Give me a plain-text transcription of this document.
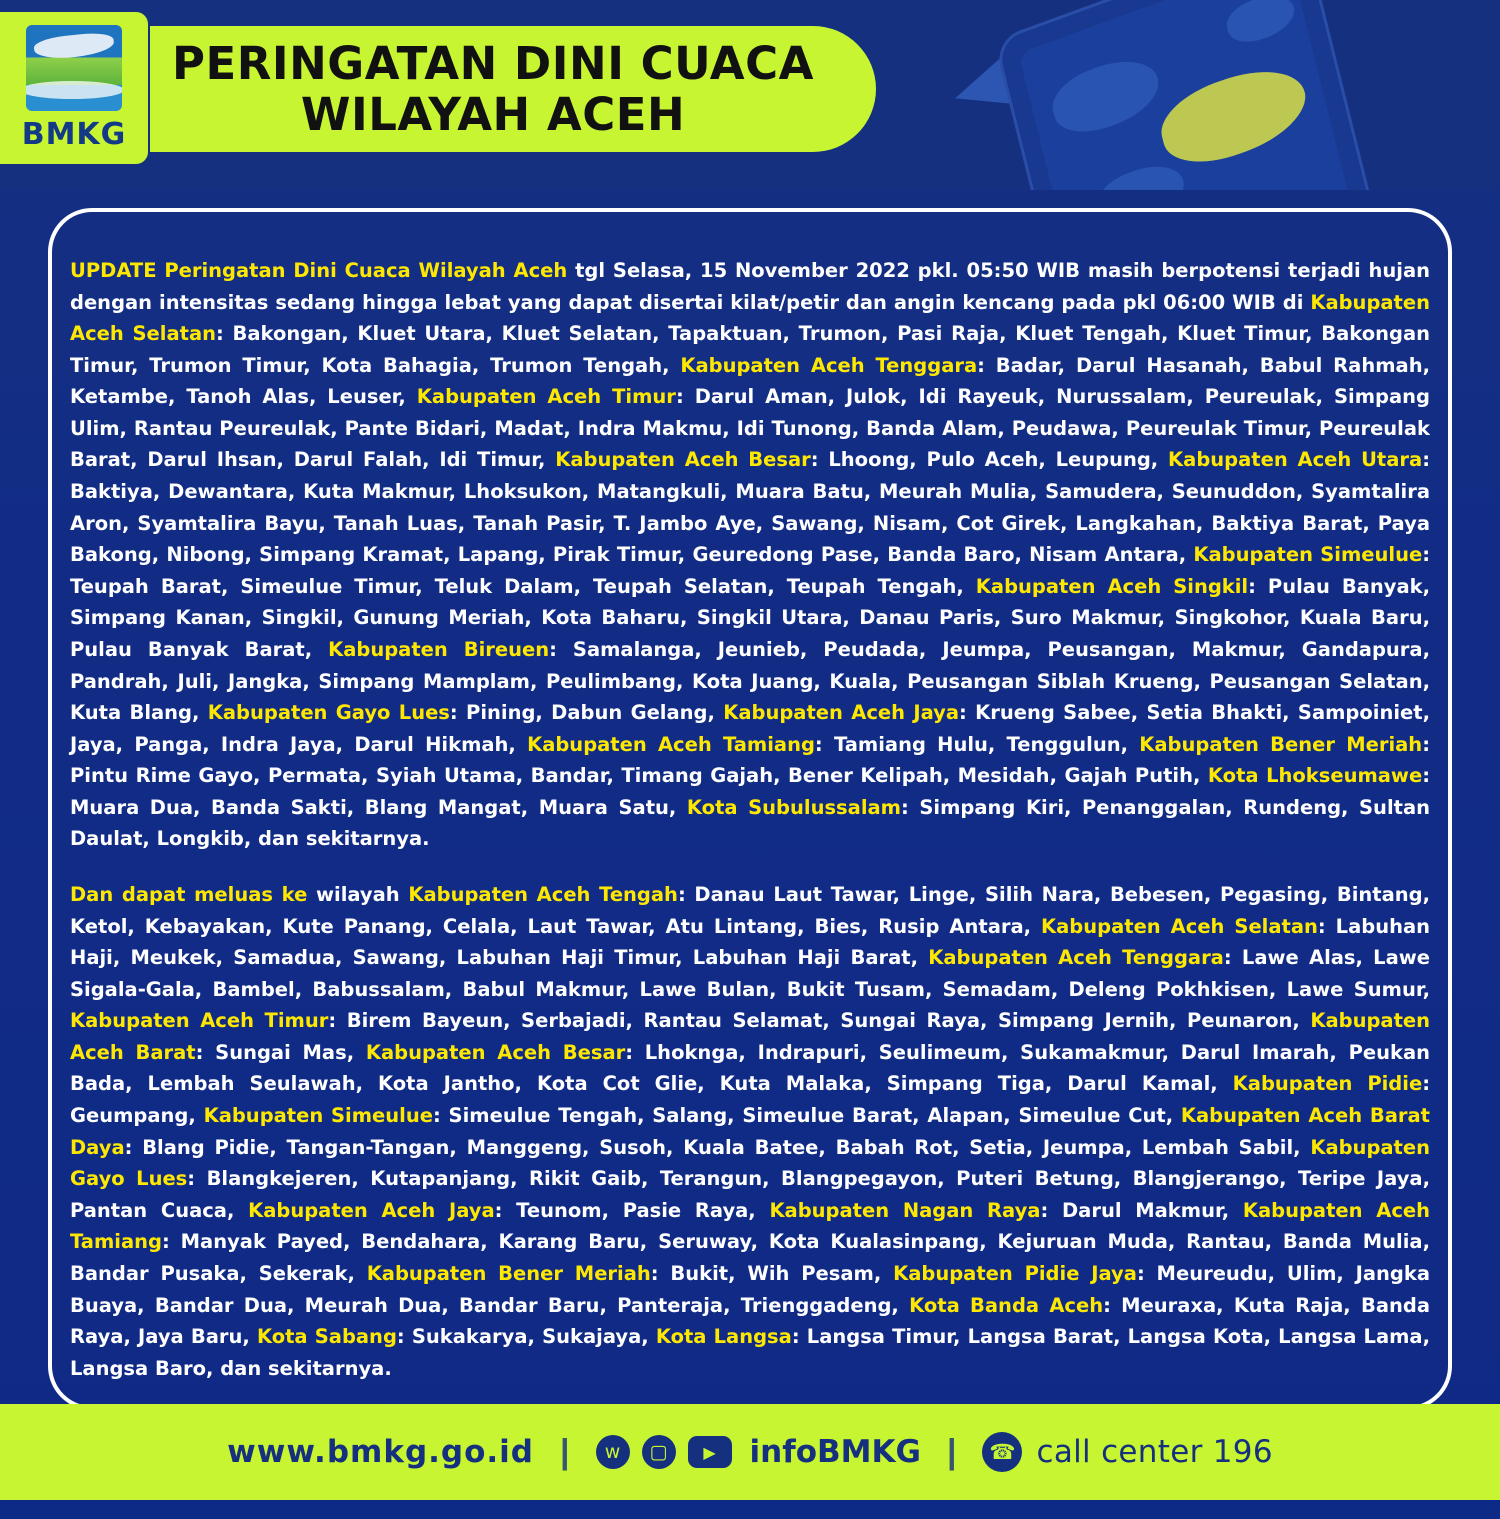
BMKG
PERINGATAN DINI CUACA
WILAYAH ACEH

UPDATE Peringatan Dini Cuaca Wilayah Aceh tgl Selasa, 15 November 2022 pkl. 05:50 WIB masih berpotensi terjadi hujan dengan intensitas sedang hingga lebat yang dapat disertai kilat/petir dan angin kencang pada pkl 06:00 WIB di Kabupaten Aceh Selatan: Bakongan, Kluet Utara, Kluet Selatan, Tapaktuan, Trumon, Pasi Raja, Kluet Tengah, Kluet Timur, Bakongan Timur, Trumon Timur, Kota Bahagia, Trumon Tengah, Kabupaten Aceh Tenggara: Badar, Darul Hasanah, Babul Rahmah, Ketambe, Tanoh Alas, Leuser, Kabupaten Aceh Timur: Darul Aman, Julok, Idi Rayeuk, Nurussalam, Peureulak, Simpang Ulim, Rantau Peureulak, Pante Bidari, Madat, Indra Makmu, Idi Tunong, Banda Alam, Peudawa, Peureulak Timur, Peureulak Barat, Darul Ihsan, Darul Falah, Idi Timur, Kabupaten Aceh Besar: Lhoong, Pulo Aceh, Leupung, Kabupaten Aceh Utara: Baktiya, Dewantara, Kuta Makmur, Lhoksukon, Matangkuli, Muara Batu, Meurah Mulia, Samudera, Seunuddon, Syamtalira Aron, Syamtalira Bayu, Tanah Luas, Tanah Pasir, T. Jambo Aye, Sawang, Nisam, Cot Girek, Langkahan, Baktiya Barat, Paya Bakong, Nibong, Simpang Kramat, Lapang, Pirak Timur, Geuredong Pase, Banda Baro, Nisam Antara, Kabupaten Simeulue: Teupah Barat, Simeulue Timur, Teluk Dalam, Teupah Selatan, Teupah Tengah, Kabupaten Aceh Singkil: Pulau Banyak, Simpang Kanan, Singkil, Gunung Meriah, Kota Baharu, Singkil Utara, Danau Paris, Suro Makmur, Singkohor, Kuala Baru, Pulau Banyak Barat, Kabupaten Bireuen: Samalanga, Jeunieb, Peudada, Jeumpa, Peusangan, Makmur, Gandapura, Pandrah, Juli, Jangka, Simpang Mamplam, Peulimbang, Kota Juang, Kuala, Peusangan Siblah Krueng, Peusangan Selatan, Kuta Blang, Kabupaten Gayo Lues: Pining, Dabun Gelang, Kabupaten Aceh Jaya: Krueng Sabee, Setia Bhakti, Sampoiniet, Jaya, Panga, Indra Jaya, Darul Hikmah, Kabupaten Aceh Tamiang: Tamiang Hulu, Tenggulun, Kabupaten Bener Meriah: Pintu Rime Gayo, Permata, Syiah Utama, Bandar, Timang Gajah, Bener Kelipah, Mesidah, Gajah Putih, Kota Lhokseumawe: Muara Dua, Banda Sakti, Blang Mangat, Muara Satu, Kota Subulussalam: Simpang Kiri, Penanggalan, Rundeng, Sultan Daulat, Longkib, dan sekitarnya.

Dan dapat meluas ke wilayah Kabupaten Aceh Tengah: Danau Laut Tawar, Linge, Silih Nara, Bebesen, Pegasing, Bintang, Ketol, Kebayakan, Kute Panang, Celala, Laut Tawar, Atu Lintang, Bies, Rusip Antara, Kabupaten Aceh Selatan: Labuhan Haji, Meukek, Samadua, Sawang, Labuhan Haji Timur, Labuhan Haji Barat, Kabupaten Aceh Tenggara: Lawe Alas, Lawe Sigala-Gala, Bambel, Babussalam, Babul Makmur, Lawe Bulan, Bukit Tusam, Semadam, Deleng Pokhkisen, Lawe Sumur, Kabupaten Aceh Timur: Birem Bayeun, Serbajadi, Rantau Selamat, Sungai Raya, Simpang Jernih, Peunaron, Kabupaten Aceh Barat: Sungai Mas, Kabupaten Aceh Besar: Lhoknga, Indrapuri, Seulimeum, Sukamakmur, Darul Imarah, Peukan Bada, Lembah Seulawah, Kota Jantho, Kota Cot Glie, Kuta Malaka, Simpang Tiga, Darul Kamal, Kabupaten Pidie: Geumpang, Kabupaten Simeulue: Simeulue Tengah, Salang, Simeulue Barat, Alapan, Simeulue Cut, Kabupaten Aceh Barat Daya: Blang Pidie, Tangan-Tangan, Manggeng, Susoh, Kuala Batee, Babah Rot, Setia, Jeumpa, Lembah Sabil, Kabupaten Gayo Lues: Blangkejeren, Kutapanjang, Rikit Gaib, Terangun, Blangpegayon, Puteri Betung, Blangjerango, Teripe Jaya, Pantan Cuaca, Kabupaten Aceh Jaya: Teunom, Pasie Raya, Kabupaten Nagan Raya: Darul Makmur, Kabupaten Aceh Tamiang: Manyak Payed, Bendahara, Karang Baru, Seruway, Kota Kualasinpang, Kejuruan Muda, Rantau, Banda Mulia, Bandar Pusaka, Sekerak, Kabupaten Bener Meriah: Bukit, Wih Pesam, Kabupaten Pidie Jaya: Meureudu, Ulim, Jangka Buaya, Bandar Dua, Meurah Dua, Bandar Baru, Panteraja, Trienggadeng, Kota Banda Aceh: Meuraxa, Kuta Raja, Banda Raya, Jaya Baru, Kota Sabang: Sukakarya, Sukajaya, Kota Langsa: Langsa Timur, Langsa Barat, Langsa Kota, Langsa Lama, Langsa Baro, dan sekitarnya.

www.bmkg.go.id |	w	▢	▶	infoBMKG |	☎ call center 196
